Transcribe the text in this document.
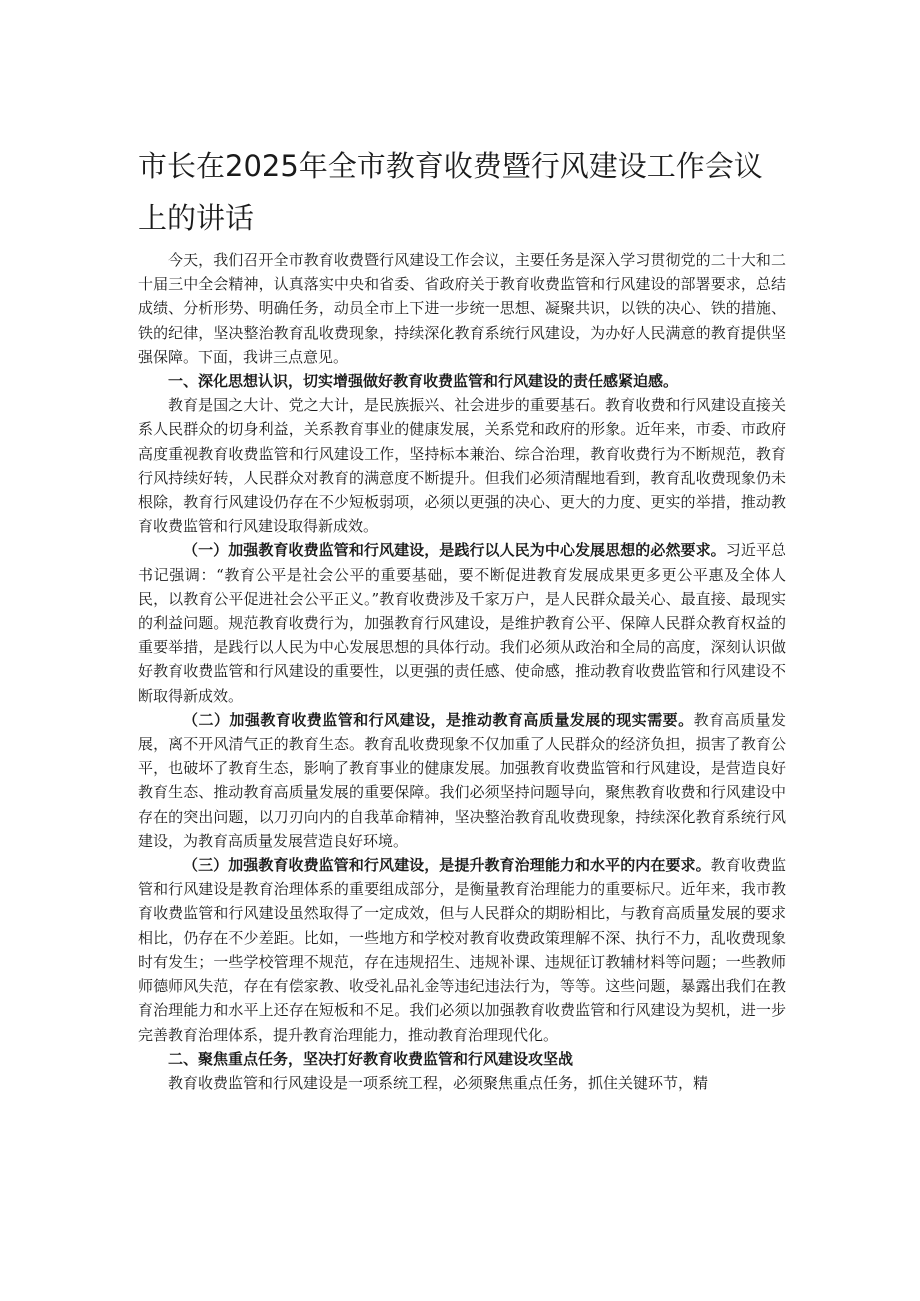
市长在2025年全市教育收费暨行风建设工作会议上的讲话

今天，我们召开全市教育收费暨行风建设工作会议，主要任务是深入学习贯彻党的二十大和二十届三中全会精神，认真落实中央和省委、省政府关于教育收费监管和行风建设的部署要求，总结成绩、分析形势、明确任务，动员全市上下进一步统一思想、凝聚共识，以铁的决心、铁的措施、铁的纪律，坚决整治教育乱收费现象，持续深化教育系统行风建设，为办好人民满意的教育提供坚强保障。下面，我讲三点意见。

一、深化思想认识，切实增强做好教育收费监管和行风建设的责任感紧迫感。

教育是国之大计、党之大计，是民族振兴、社会进步的重要基石。教育收费和行风建设直接关系人民群众的切身利益，关系教育事业的健康发展，关系党和政府的形象。近年来，市委、市政府高度重视教育收费监管和行风建设工作，坚持标本兼治、综合治理，教育收费行为不断规范，教育行风持续好转，人民群众对教育的满意度不断提升。但我们必须清醒地看到，教育乱收费现象仍未根除，教育行风建设仍存在不少短板弱项，必须以更强的决心、更大的力度、更实的举措，推动教育收费监管和行风建设取得新成效。

（一）加强教育收费监管和行风建设，是践行以人民为中心发展思想的必然要求。习近平总书记强调：“教育公平是社会公平的重要基础，要不断促进教育发展成果更多更公平惠及全体人民，以教育公平促进社会公平正义。”教育收费涉及千家万户，是人民群众最关心、最直接、最现实的利益问题。规范教育收费行为，加强教育行风建设，是维护教育公平、保障人民群众教育权益的重要举措，是践行以人民为中心发展思想的具体行动。我们必须从政治和全局的高度，深刻认识做好教育收费监管和行风建设的重要性，以更强的责任感、使命感，推动教育收费监管和行风建设不断取得新成效。

（二）加强教育收费监管和行风建设，是推动教育高质量发展的现实需要。教育高质量发展，离不开风清气正的教育生态。教育乱收费现象不仅加重了人民群众的经济负担，损害了教育公平，也破坏了教育生态，影响了教育事业的健康发展。加强教育收费监管和行风建设，是营造良好教育生态、推动教育高质量发展的重要保障。我们必须坚持问题导向，聚焦教育收费和行风建设中存在的突出问题，以刀刃向内的自我革命精神，坚决整治教育乱收费现象，持续深化教育系统行风建设，为教育高质量发展营造良好环境。

（三）加强教育收费监管和行风建设，是提升教育治理能力和水平的内在要求。教育收费监管和行风建设是教育治理体系的重要组成部分，是衡量教育治理能力的重要标尺。近年来，我市教育收费监管和行风建设虽然取得了一定成效，但与人民群众的期盼相比，与教育高质量发展的要求相比，仍存在不少差距。比如，一些地方和学校对教育收费政策理解不深、执行不力，乱收费现象时有发生；一些学校管理不规范，存在违规招生、违规补课、违规征订教辅材料等问题；一些教师师德师风失范，存在有偿家教、收受礼品礼金等违纪违法行为，等等。这些问题，暴露出我们在教育治理能力和水平上还存在短板和不足。我们必须以加强教育收费监管和行风建设为契机，进一步完善教育治理体系，提升教育治理能力，推动教育治理现代化。

二、聚焦重点任务，坚决打好教育收费监管和行风建设攻坚战

教育收费监管和行风建设是一项系统工程，必须聚焦重点任务，抓住关键环节，精
